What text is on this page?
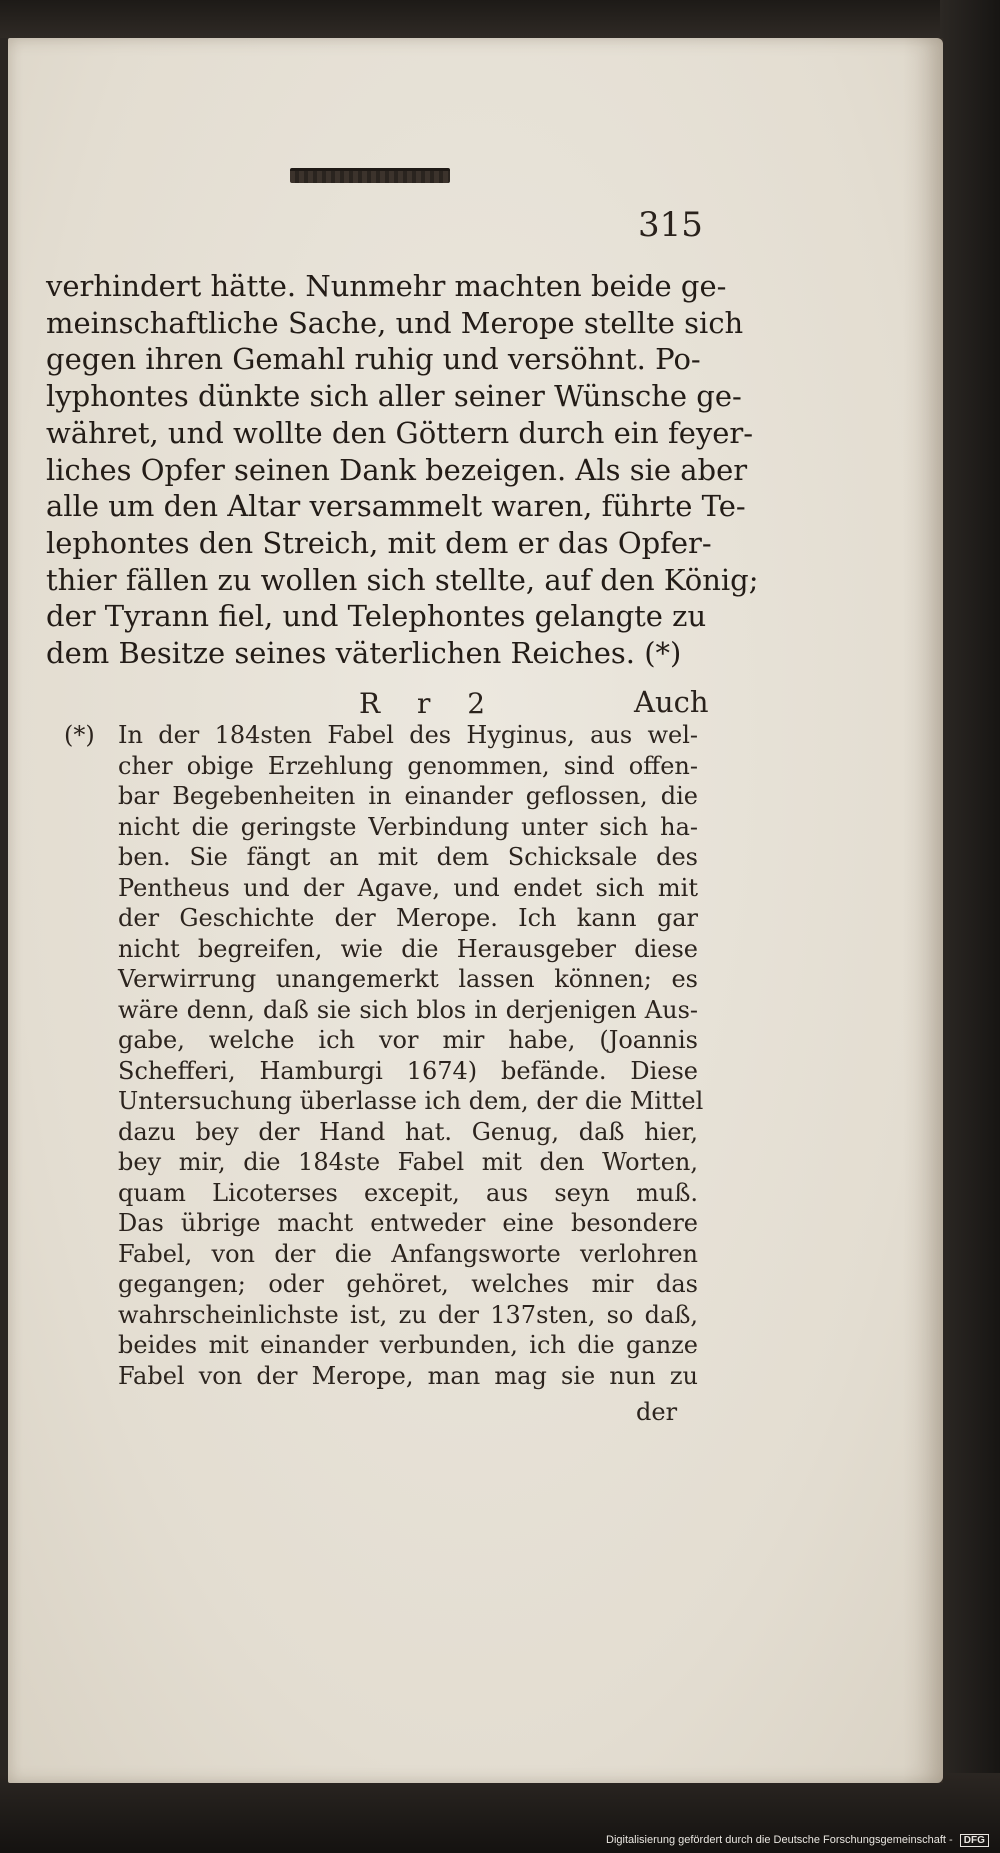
315
verhindert hätte. Nunmehr machten beide ge-
meinschaftliche Sache, und Merope stellte sich
gegen ihren Gemahl ruhig und versöhnt. Po-
lyphontes dünkte sich aller seiner Wünsche ge-
währet, und wollte den Göttern durch ein feyer-
liches Opfer seinen Dank bezeigen. Als sie aber
alle um den Altar versammelt waren, führte Te-
lephontes den Streich, mit dem er das Opfer-
thier fällen zu wollen sich stellte, auf den König;
der Tyrann fiel, und Telephontes gelangte zu
dem Besitze seines väterlichen Reiches. (*)
R r 2	Auch
(*) In der 184sten Fabel des Hyginus, aus wel-
cher obige Erzehlung genommen, sind offen-
bar Begebenheiten in einander geflossen, die
nicht die geringste Verbindung unter sich ha-
ben. Sie fängt an mit dem Schicksale des
Pentheus und der Agave, und endet sich mit
der Geschichte der Merope. Ich kann gar
nicht begreifen, wie die Herausgeber diese
Verwirrung unangemerkt lassen können; es
wäre denn, daß sie sich blos in derjenigen Aus-
gabe, welche ich vor mir habe, (Joannis
Schefferi, Hamburgi 1674) befände. Diese
Untersuchung überlasse ich dem, der die Mittel
dazu bey der Hand hat. Genug, daß hier,
bey mir, die 184ste Fabel mit den Worten,
quam Licoterses excepit, aus seyn muß.
Das übrige macht entweder eine besondere
Fabel, von der die Anfangsworte verlohren
gegangen; oder gehöret, welches mir das
wahrscheinlichste ist, zu der 137sten, so daß,
beides mit einander verbunden, ich die ganze
Fabel von der Merope, man mag sie nun zu
der
Digitalisierung gefördert durch die Deutsche Forschungsgemeinschaft - DFG
